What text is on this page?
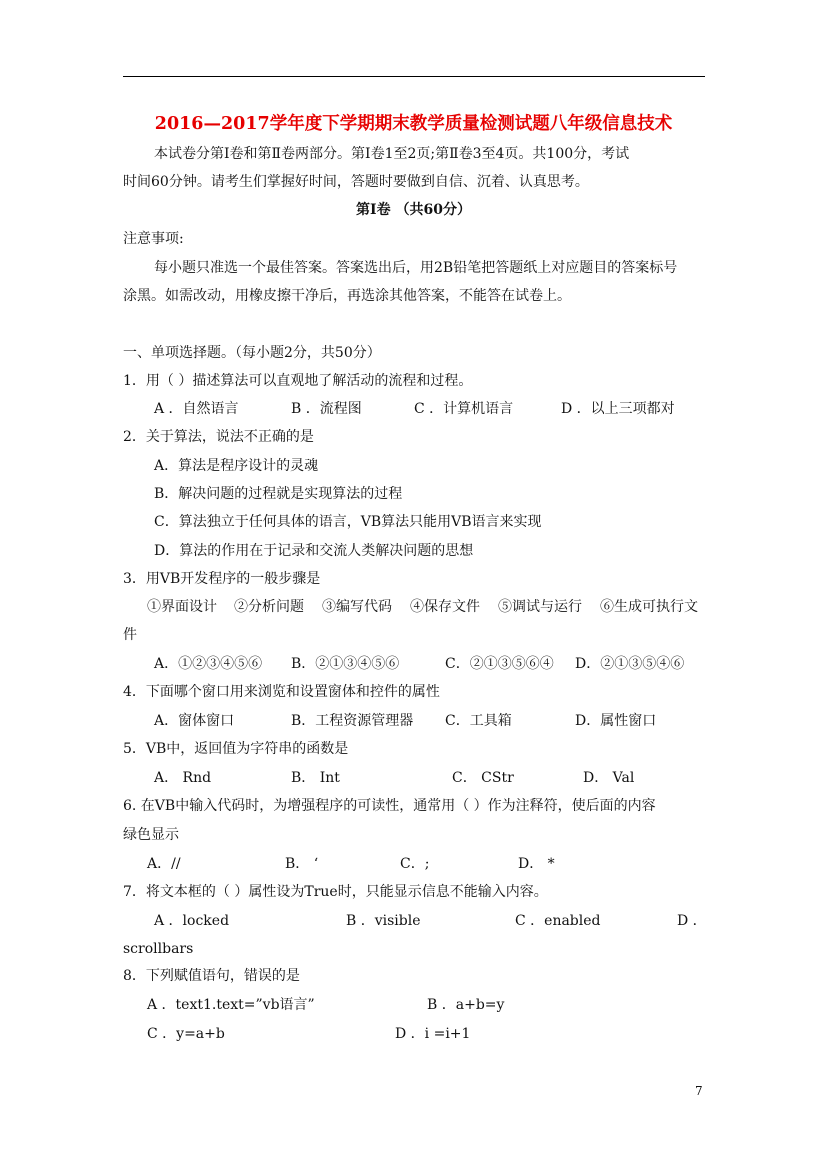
2016—2017学年度下学期期末教学质量检测试题八年级信息技术
本试卷分第Ⅰ卷和第Ⅱ卷两部分。第Ⅰ卷1至2页;第Ⅱ卷3至4页。共100分，考试
时间60分钟。请考生们掌握好时间，答题时要做到自信、沉着、认真思考。
第Ⅰ卷 （共60分）
注意事项:
每小题只准选一个最佳答案。答案选出后，用2B铅笔把答题纸上对应题目的答案标号
涂黑。如需改动，用橡皮擦干净后，再选涂其他答案，不能答在试卷上。
一、单项选择题。（每小题2分，共50分）
1．用（ ）描述算法可以直观地了解活动的流程和过程。
A ．自然语言	B ．流程图	C ．计算机语言	D ．以上三项都对
2．关于算法，说法不正确的是
A．算法是程序设计的灵魂
B．解决问题的过程就是实现算法的过程
C．算法独立于任何具体的语言，VB算法只能用VB语言来实现
D．算法的作用在于记录和交流人类解决问题的思想
3．用VB开发程序的一般步骤是
①界面设计 ②分析问题 ③编写代码 ④保存文件 ⑤调试与运行 ⑥生成可执行文
件
A．①②③④⑤⑥ B．②①③④⑤⑥	C．②①③⑤⑥④ D．②①③⑤④⑥
4．下面哪个窗口用来浏览和设置窗体和控件的属性
A．窗体窗口	B．工程资源管理器 C．工具箱	D．属性窗口
5．VB中，返回值为字符串的函数是
A． Rnd	B． Int	C． CStr	D． Val
6. 在VB中输入代码时，为增强程序的可读性，通常用（ ）作为注释符，使后面的内容
绿色显示
A．//	B． ‘	C．;	D． *
7．将文本框的（ ）属性设为True时，只能显示信息不能输入内容。
A ．locked	B ．visible	C ．enabled	D ．
scrollbars
8．下列赋值语句，错误的是
A ．text1.text=”vb语言”	B ．a+b=y
C ．y=a+b	D ．i =i+1
7
